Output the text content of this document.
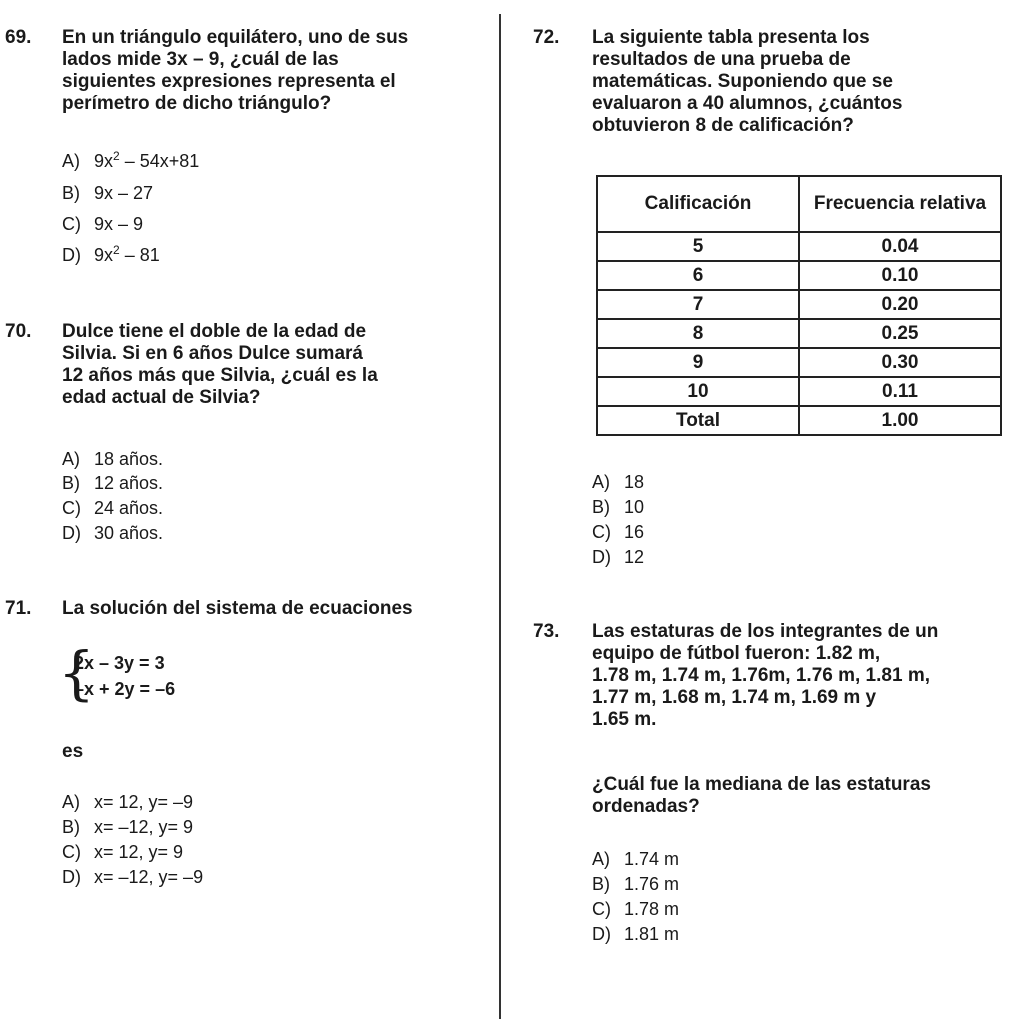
69. En un triángulo equilátero, uno de sus
lados mide 3x – 9, ¿cuál de las
siguientes expresiones representa el
perímetro de dicho triángulo?
A) $9x^2 - 54x+81$
B) 9x – 27
C) 9x – 9
D) $9x^2 - 81$
70. Dulce tiene el doble de la edad de
Silvia. Si en 6 años Dulce sumará
12 años más que Silvia, ¿cuál es la
edad actual de Silvia?
A) 18 años.
B) 12 años.
C) 24 años.
D) 30 años.
71. La solución del sistema de ecuaciones
{
2x – 3y = 3
–x + 2y = –6
es
A) x= 12, y= –9
B) x= –12, y= 9
C) x= 12, y= 9
D) x= –12, y= –9
72. La siguiente tabla presenta los
resultados de una prueba de
matemáticas. Suponiendo que se
evaluaron a 40 alumnos, ¿cuántos
obtuvieron 8 de calificación?
Calificación	Frecuencia relativa
5	0.04
6	0.10
7	0.20
8	0.25
9	0.30
10	0.11
Total	1.00
A) 18
B) 10
C) 16
D) 12
73. Las estaturas de los integrantes de un
equipo de fútbol fueron: 1.82 m,
1.78 m, 1.74 m, 1.76m, 1.76 m, 1.81 m,
1.77 m, 1.68 m, 1.74 m, 1.69 m y
1.65 m.
¿Cuál fue la mediana de las estaturas
ordenadas?
A) 1.74 m
B) 1.76 m
C) 1.78 m
D) 1.81 m
